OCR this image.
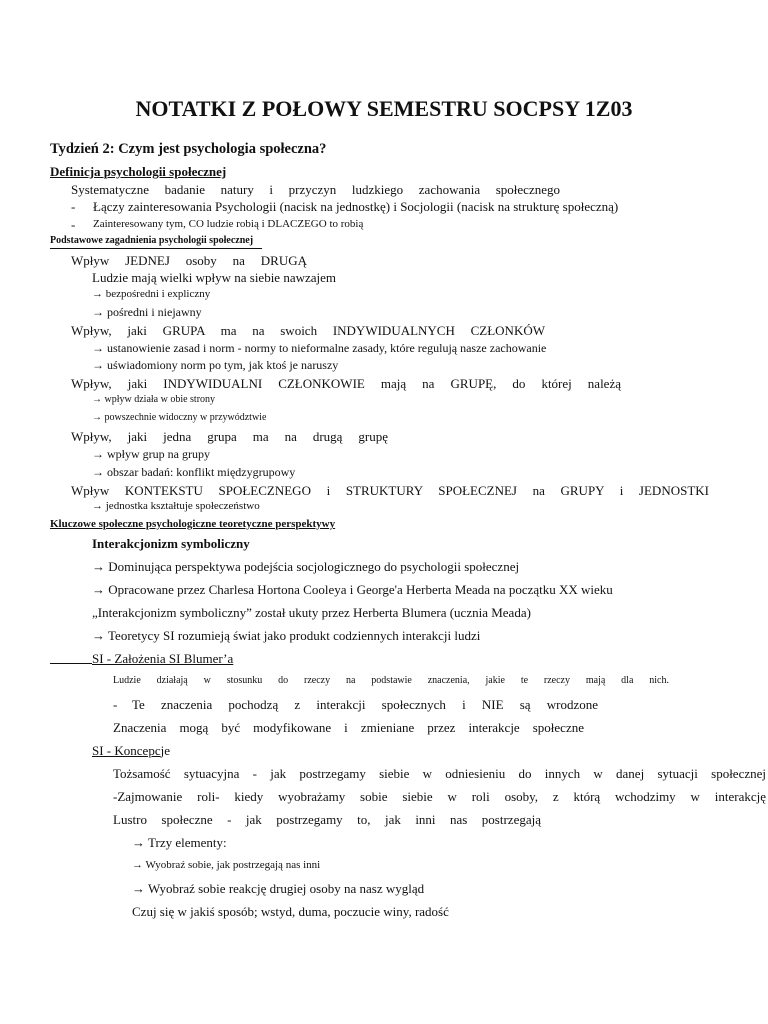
NOTATKI Z POŁOWY SEMESTRU SOCPSY 1Z03
Tydzień 2: Czym jest psychologia społeczna?
Definicja psychologii społecznej
Systematyczne badanie natury i przyczyn ludzkiego zachowania społecznego
- Łączy zainteresowania Psychologii (nacisk na jednostkę) i Socjologii (nacisk na strukturę społeczną)
- Zainteresowany tym, CO ludzie robią i DLACZEGO to robią
Podstawowe zagadnienia psychologii społecznej
Wpływ JEDNEJ osoby na DRUGĄ
Ludzie mają wielki wpływ na siebie nawzajem
→ bezpośredni i expliczny
→ pośredni i niejawny
Wpływ, jaki GRUPA ma na swoich INDYWIDUALNYCH CZŁONKÓW
→ ustanowienie zasad i norm - normy to nieformalne zasady, które regulują nasze zachowanie
→ uświadomiony norm po tym, jak ktoś je naruszy
Wpływ, jaki INDYWIDUALNI CZŁONKOWIE mają na GRUPĘ, do której należą
→ wpływ działa w obie strony
→ powszechnie widoczny w przywództwie
Wpływ, jaki jedna grupa ma na drugą grupę
→ wpływ grup na grupy
→ obszar badań: konflikt międzygrupowy
Wpływ KONTEKSTU SPOŁECZNEGO i STRUKTURY SPOŁECZNEJ na GRUPY i JEDNOSTKI
→ jednostka kształtuje społeczeństwo
Kluczowe społeczne psychologiczne teoretyczne perspektywy
Interakcjonizm symboliczny
→ Dominująca perspektywa podejścia socjologicznego do psychologii społecznej
→ Opracowane przez Charlesa Hortona Cooleya i George'a Herberta Meada na początku XX wieku
„Interakcjonizm symboliczny” został ukuty przez Herberta Blumera (ucznia Meada)
→ Teoretycy SI rozumieją świat jako produkt codziennych interakcji ludzi
SI - Założenia SI Blumer’a
Ludzie działają w stosunku do rzeczy na podstawie znaczenia, jakie te rzeczy mają dla nich.
- Te znaczenia pochodzą z interakcji społecznych i NIE są wrodzone
Znaczenia mogą być modyfikowane i zmieniane przez interakcje społeczne
SI - Koncepcje
Tożsamość sytuacyjna - jak postrzegamy siebie w odniesieniu do innych w danej sytuacji społecznej
-Zajmowanie roli- kiedy wyobrażamy sobie siebie w roli osoby, z którą wchodzimy w interakcję
Lustro społeczne - jak postrzegamy to, jak inni nas postrzegają
→ Trzy elementy:
→ Wyobraź sobie, jak postrzegają nas inni
→ Wyobraź sobie reakcję drugiej osoby na nasz wygląd
Czuj się w jakiś sposób; wstyd, duma, poczucie winy, radość
